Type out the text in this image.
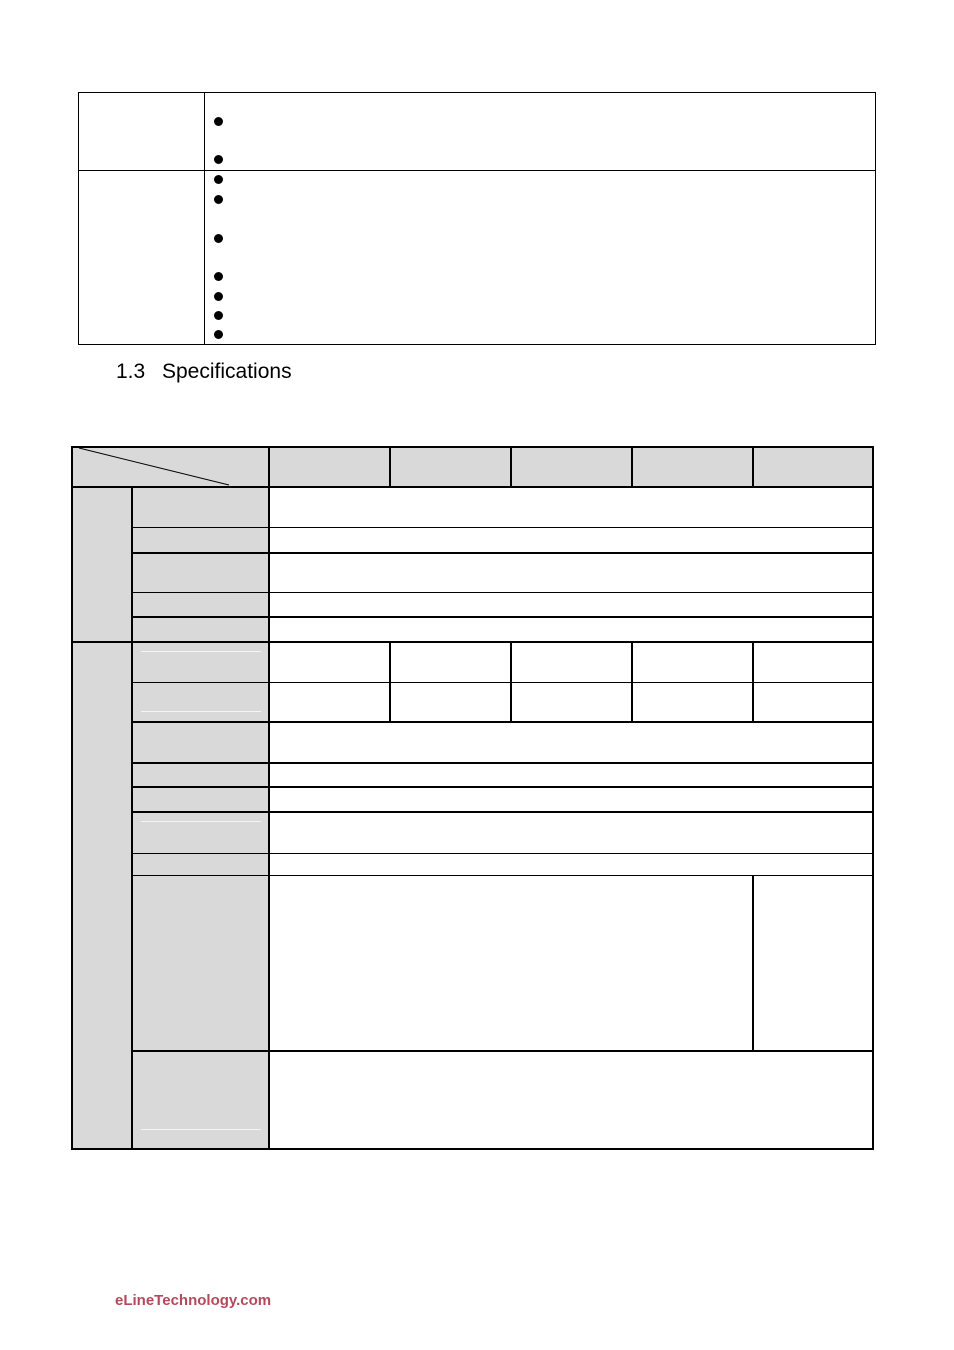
1.3 Specifications
eLineTechnology.com
